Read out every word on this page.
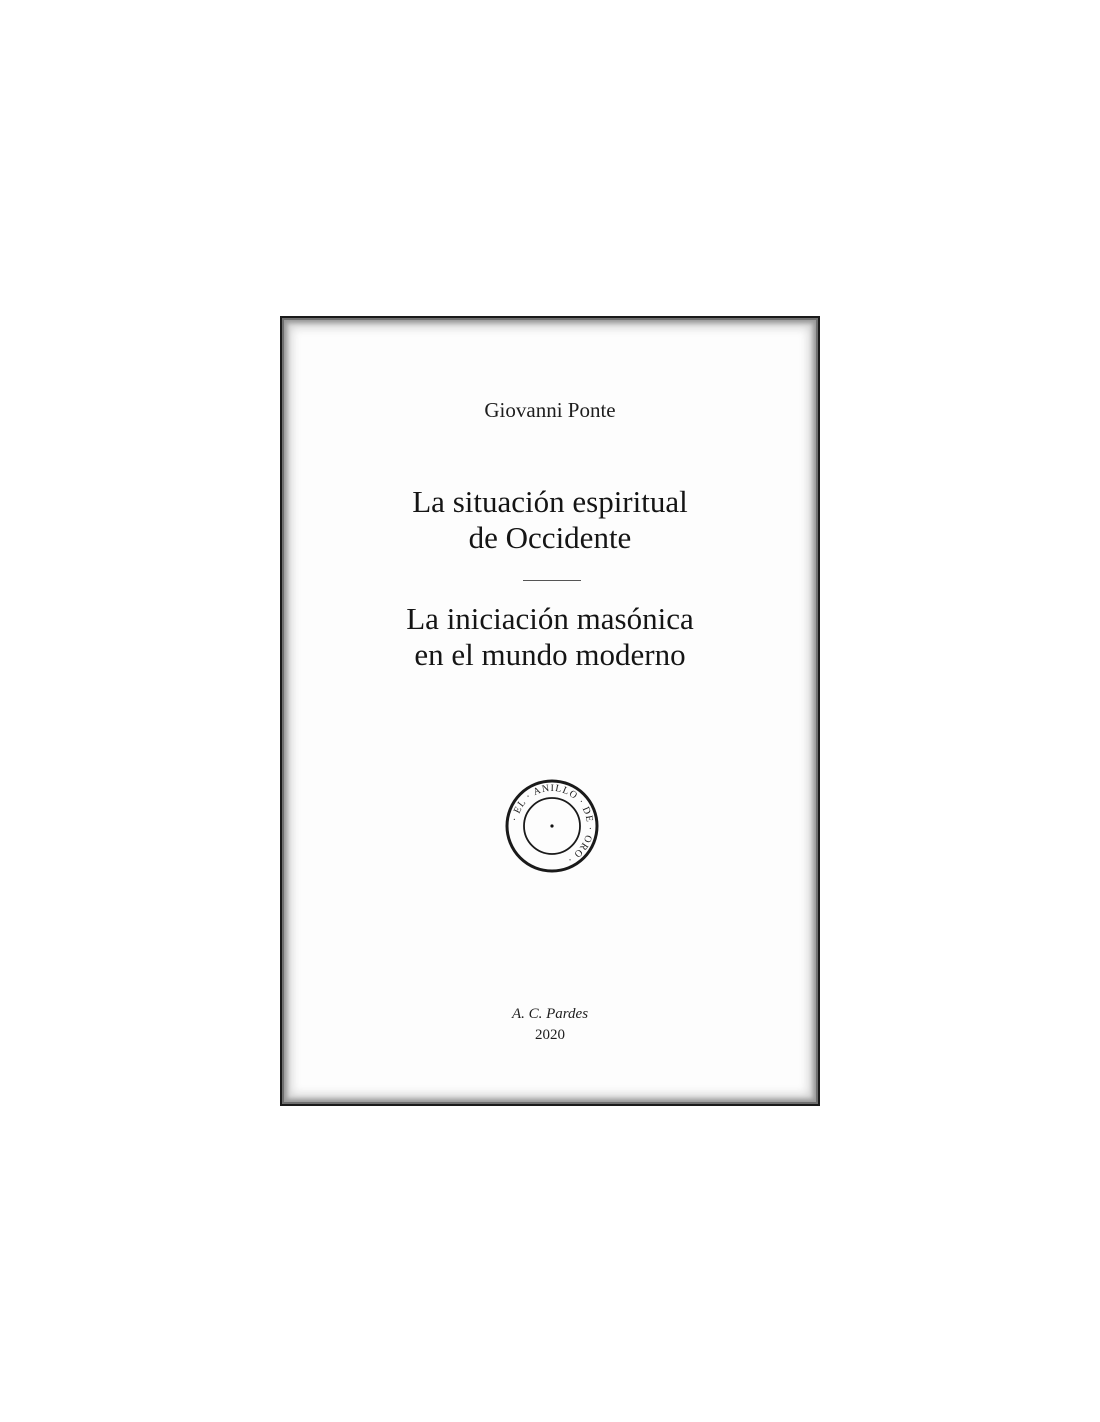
Giovanni Ponte
La situación espiritual
de Occidente
La iniciación masónica
en el mundo moderno
· EL · ANILLO · DE · ORO ·
A. C. Pardes
2020
